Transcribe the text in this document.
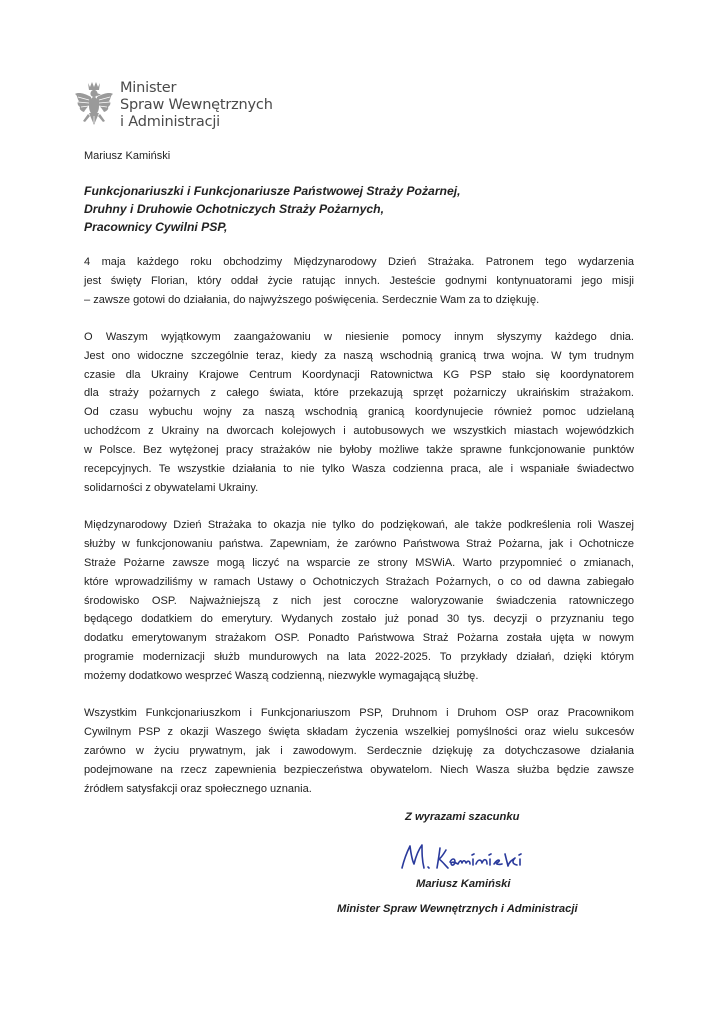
Minister
Spraw Wewnętrznych
i Administracji
Mariusz Kamiński
Funkcjonariuszki i Funkcjonariusze Państwowej Straży Pożarnej,
Druhny i Druhowie Ochotniczych Straży Pożarnych,
Pracownicy Cywilni PSP,
4 maja każdego roku obchodzimy Międzynarodowy Dzień Strażaka. Patronem tego wydarzenia
jest święty Florian, który oddał życie ratując innych. Jesteście godnymi kontynuatorami jego misji
– zawsze gotowi do działania, do najwyższego poświęcenia. Serdecznie Wam za to dziękuję.
O Waszym wyjątkowym zaangażowaniu w niesienie pomocy innym słyszymy każdego dnia.
Jest ono widoczne szczególnie teraz, kiedy za naszą wschodnią granicą trwa wojna. W tym trudnym
czasie dla Ukrainy Krajowe Centrum Koordynacji Ratownictwa KG PSP stało się koordynatorem
dla straży pożarnych z całego świata, które przekazują sprzęt pożarniczy ukraińskim strażakom.
Od czasu wybuchu wojny za naszą wschodnią granicą koordynujecie również pomoc udzielaną
uchodźcom z Ukrainy na dworcach kolejowych i autobusowych we wszystkich miastach wojewódzkich
w Polsce. Bez wytężonej pracy strażaków nie byłoby możliwe także sprawne funkcjonowanie punktów
recepcyjnych. Te wszystkie działania to nie tylko Wasza codzienna praca, ale i wspaniałe świadectwo
solidarności z obywatelami Ukrainy.
Międzynarodowy Dzień Strażaka to okazja nie tylko do podziękowań, ale także podkreślenia roli Waszej
służby w funkcjonowaniu państwa. Zapewniam, że zarówno Państwowa Straż Pożarna, jak i Ochotnicze
Straże Pożarne zawsze mogą liczyć na wsparcie ze strony MSWiA. Warto przypomnieć o zmianach,
które wprowadziliśmy w ramach Ustawy o Ochotniczych Strażach Pożarnych, o co od dawna zabiegało
środowisko OSP. Najważniejszą z nich jest coroczne waloryzowanie świadczenia ratowniczego
będącego dodatkiem do emerytury. Wydanych zostało już ponad 30 tys. decyzji o przyznaniu tego
dodatku emerytowanym strażakom OSP. Ponadto Państwowa Straż Pożarna została ujęta w nowym
programie modernizacji służb mundurowych na lata 2022-2025. To przykłady działań, dzięki którym
możemy dodatkowo wesprzeć Waszą codzienną, niezwykle wymagającą służbę.
Wszystkim Funkcjonariuszkom i Funkcjonariuszom PSP, Druhnom i Druhom OSP oraz Pracownikom
Cywilnym PSP z okazji Waszego święta składam życzenia wszelkiej pomyślności oraz wielu sukcesów
zarówno w życiu prywatnym, jak i zawodowym. Serdecznie dziękuję za dotychczasowe działania
podejmowane na rzecz zapewnienia bezpieczeństwa obywatelom. Niech Wasza służba będzie zawsze
źródłem satysfakcji oraz społecznego uznania.
Z wyrazami szacunku
Mariusz Kamiński
Minister Spraw Wewnętrznych i Administracji
